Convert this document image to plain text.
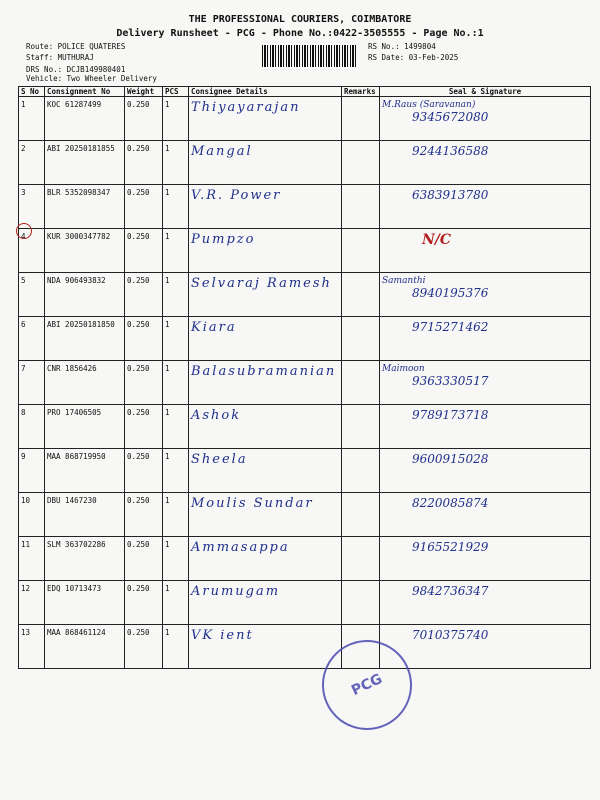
THE PROFESSIONAL COURIERS, COIMBATORE
Delivery Runsheet - PCG - Phone No.:0422-3505555 - Page No.:1
Route: POLICE QUATERES
Staff: MUTHURAJ
DRS No.: DCJB149980401
Vehicle: Two Wheeler Delivery
RS No.: 1499804
RS Date: 03-Feb-2025
S No	Consignment No	Weight	PCS	Consignee Details	Remarks	Seal & Signature
1	KOC 61287499	0.250	1	Thiyayarajan		M.Raus (Saravanan)
9345672080

2	ABI 20250181855	0.250	1	Mangal		9244136588

3	BLR 5352098347	0.250	1	V.R. Power		6383913780

4	KUR 3000347782	0.250	1	Pumpzo		N/C

5	NDA 906493832	0.250	1	Selvaraj Ramesh		Samanthi
8940195376

6	ABI 20250181850	0.250	1	Kiara		9715271462

7	CNR 1856426	0.250	1	Balasubramanian		Maimoon
9363330517

8	PRO 17406505	0.250	1	Ashok		9789173718

9	MAA 868719950	0.250	1	Sheela		9600915028

10	DBU 1467230	0.250	1	Moulis Sundar		8220085874

11	SLM 363702286	0.250	1	Ammasappa		9165521929

12	EDQ 10713473	0.250	1	Arumugam		9842736347

13	MAA 868461124	0.250	1	VK ient		7010375740
PCG
